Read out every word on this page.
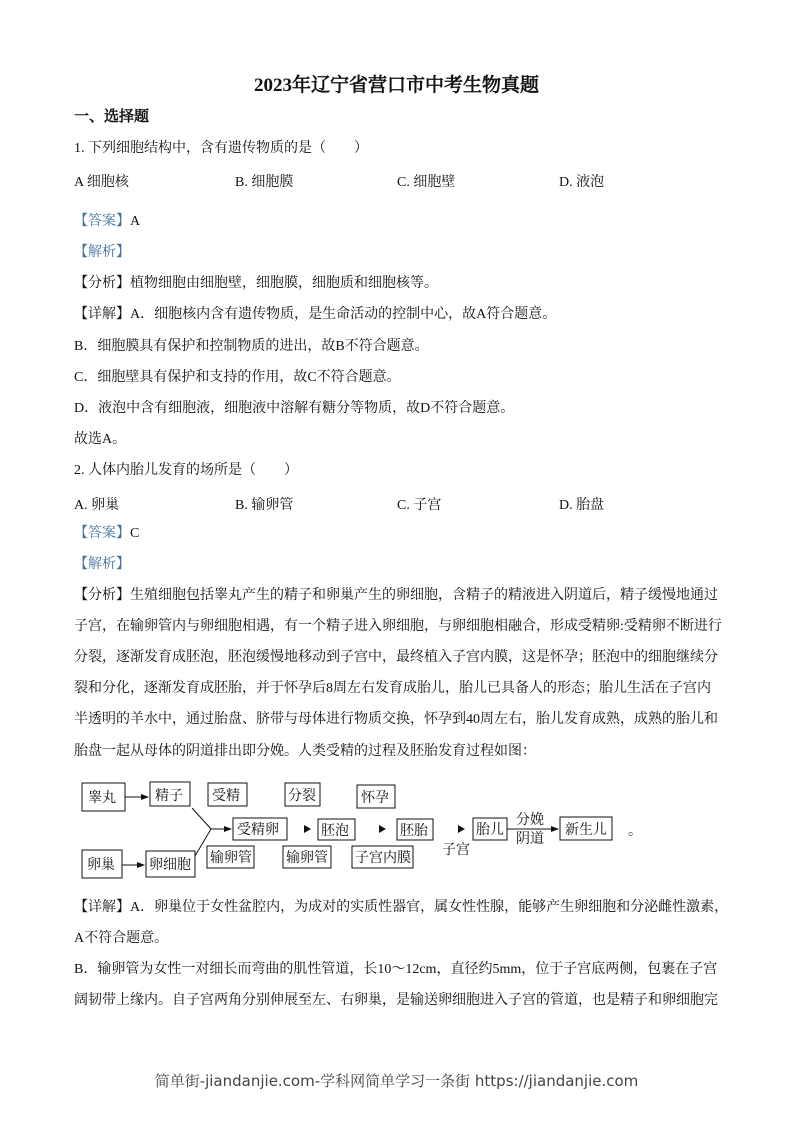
2023年辽宁省营口市中考生物真题
一、选择题
1. 下列细胞结构中，含有遗传物质的是（　　）
A 细胞核	B. 细胞膜	C. 细胞壁	D. 液泡
【答案】A
【解析】
【分析】植物细胞由细胞壁，细胞膜，细胞质和细胞核等。
【详解】A．细胞核内含有遗传物质，是生命活动的控制中心，故A符合题意。
B．细胞膜具有保护和控制物质的进出，故B不符合题意。
C．细胞壁具有保护和支持的作用，故C不符合题意。
D．液泡中含有细胞液，细胞液中溶解有糖分等物质，故D不符合题意。
故选A。
2. 人体内胎儿发育的场所是（　　）
A. 卵巢	B. 输卵管	C. 子宫	D. 胎盘
【答案】C
【解析】
【分析】生殖细胞包括睾丸产生的精子和卵巢产生的卵细胞，含精子的精液进入阴道后，精子缓慢地通过
子宫，在输卵管内与卵细胞相遇，有一个精子进入卵细胞，与卵细胞相融合，形成受精卵:受精卵不断进行
分裂，逐渐发育成胚泡，胚泡缓慢地移动到子宫中，最终植入子宫内膜，这是怀孕；胚泡中的细胞继续分
裂和分化，逐渐发育成胚胎，并于怀孕后8周左右发育成胎儿，胎儿已具备人的形态；胎儿生活在子宫内
半透明的羊水中，通过胎盘、脐带与母体进行物质交换，怀孕到40周左右，胎儿发育成熟，成熟的胎儿和
胎盘一起从母体的阴道排出即分娩。人类受精的过程及胚胎发育过程如图：
睾丸	精子 受精	分裂	怀孕
受精卵	胚泡	胚胎	胎儿	新生儿
卵巢 卵细胞 输卵管 输卵管 子宫内膜 子宫
分娩
阴道	。
【详解】A．卵巢位于女性盆腔内，为成对的实质性器官，属女性性腺，能够产生卵细胞和分泌雌性激素，
A不符合题意。
B．输卵管为女性一对细长而弯曲的肌性管道，长10～12cm，直径约5mm，位于子宫底两侧，包裹在子宫
阔韧带上缘内。自子宫两角分别伸展至左、右卵巢，是输送卵细胞进入子宫的管道，也是精子和卵细胞完
简单街-jiandanjie.com-学科网简单学习一条街 https://jiandanjie.com
